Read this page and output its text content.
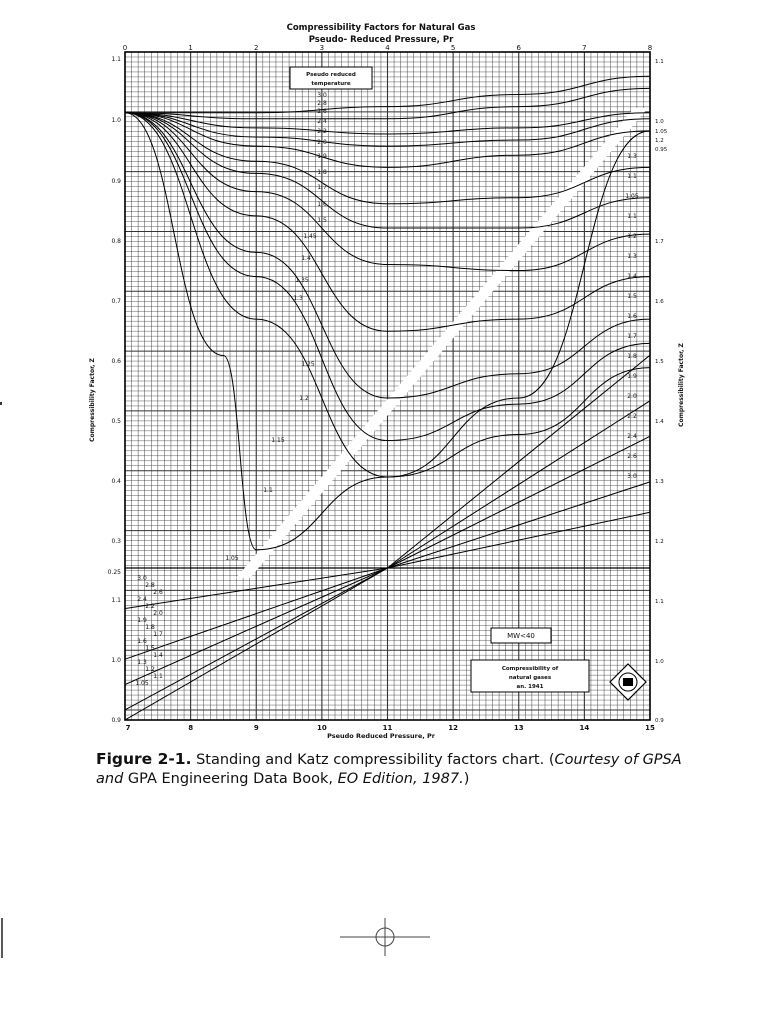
Compressibility Factors for Natural Gas
Pseudo- Reduced Pressure, Pr
Pseudo Reduced Pressure, Pr
Compressibility Factor, Z	Compressibility Factor, Z
0	1	2	3	4	5	6	7	8
7	8	9	10	11	12	13	14	15
1.1
1.0
0.9
0.8
0.7
0.6
0.5
0.4
0.3
0.25
1.1
1.0
0.9
1.1
1.0
1.05
1.2
0.95
1.7
1.6
1.5
1.4
1.3
1.2
1.1
1.0
0.9
Pseudo reduced
temperature
3.0
2.8
2.6
2.4
2.2
2.0
1.9
1.8
1.7
1.6
1.5
1.45
1.4
1.35
1.3
1.25
1.2
1.15
1.1
1.05
3.0
2.8
2.6
2.4
2.2
2.0
1.9
1.8
1.7
1.6
1.5
1.4
1.3
1.2
1.1
1.05
1.3
1.1
1.05
1.1
1.2
1.3
1.4
1.5
1.6
1.7
1.8
1.9
2.0
2.2
2.4
2.6
3.0
MW<40
Compressibility of
natural gases
an. 1941
Figure 2-1. Standing and Katz compressibility factors chart. (Courtesy of GPSA and GPA Engineering Data Book, EO Edition, 1987.)
